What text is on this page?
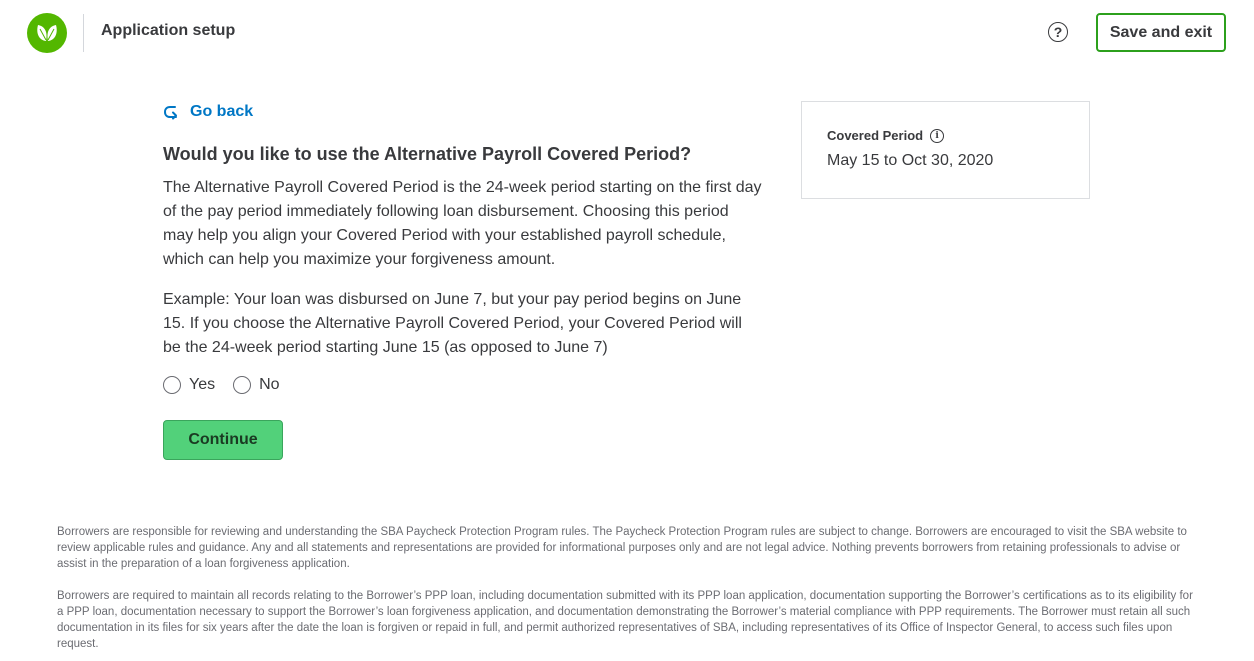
Application setup	?	Save and exit
Go back
Would you like to use the Alternative Payroll Covered Period?

The Alternative Payroll Covered Period is the 24-week period starting on the first day of the pay period immediately following loan disbursement. Choosing this period may help you align your Covered Period with your established payroll schedule, which can help you maximize your forgiveness amount.

Example: Your loan was disbursed on June 7, but your pay period begins on June 15. If you choose the Alternative Payroll Covered Period, your Covered Period will be the 24-week period starting June 15 (as opposed to June 7)

Yes	No
Continue
Covered Period	i
May 15 to Oct 30, 2020

Borrowers are responsible for reviewing and understanding the SBA Paycheck Protection Program rules. The Paycheck Protection Program rules are subject to change. Borrowers are encouraged to visit the SBA website to review applicable rules and guidance. Any and all statements and representations are provided for informational purposes only and are not legal advice. Nothing prevents borrowers from retaining professionals to advise or assist in the preparation of a loan forgiveness application.

Borrowers are required to maintain all records relating to the Borrower’s PPP loan, including documentation submitted with its PPP loan application, documentation supporting the Borrower’s certifications as to its eligibility for a PPP loan, documentation necessary to support the Borrower’s loan forgiveness application, and documentation demonstrating the Borrower’s material compliance with PPP requirements. The Borrower must retain all such documentation in its files for six years after the date the loan is forgiven or repaid in full, and permit authorized representatives of SBA, including representatives of its Office of Inspector General, to access such files upon request.
